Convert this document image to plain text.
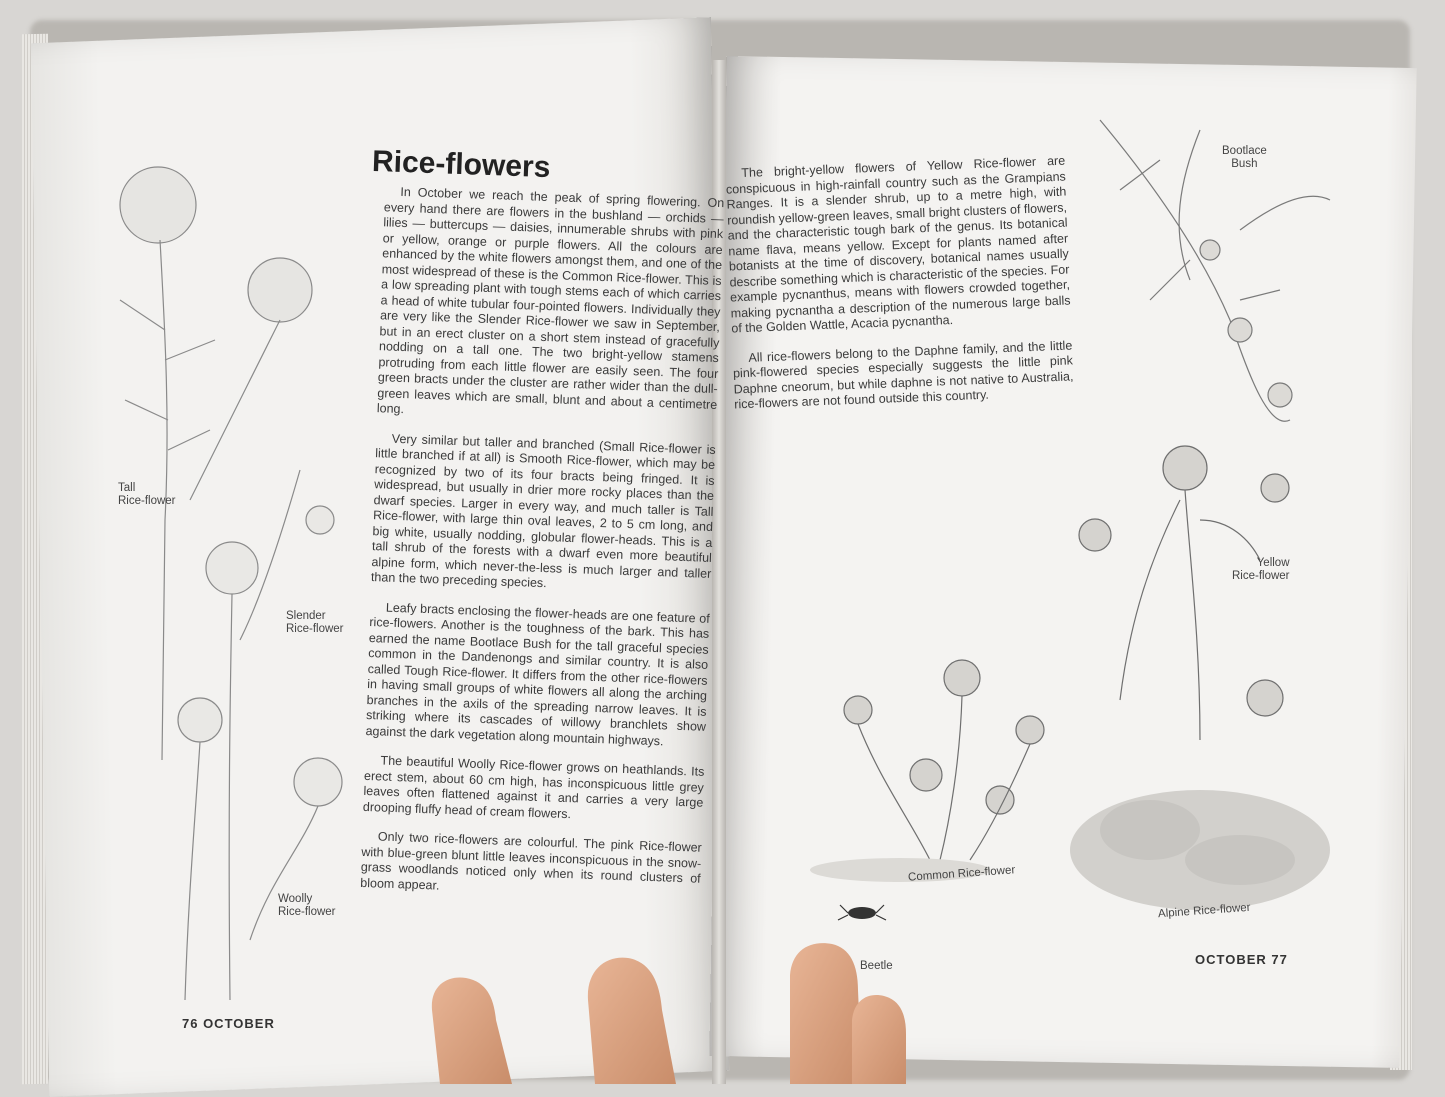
Rice-flowers

In October we reach the peak of spring flowering. On every hand there are flowers in the bushland — orchids — lilies — buttercups — daisies, innumerable shrubs with pink or yellow, orange or purple flowers. All the colours are enhanced by the white flowers amongst them, and one of the most widespread of these is the Common Rice-flower. This is a low spreading plant with tough stems each of which carries a head of white tubular four-pointed flowers. Individually they are very like the Slender Rice-flower we saw in September, but in an erect cluster on a short stem instead of gracefully nodding on a tall one. The two bright-yellow stamens protruding from each little flower are easily seen. The four green bracts under the cluster are rather wider than the dull-green leaves which are small, blunt and about a centimetre long.

Very similar but taller and branched (Small Rice-flower is little branched if at all) is Smooth Rice-flower, which may be recognized by two of its four bracts being fringed. It is widespread, but usually in drier more rocky places than the dwarf species. Larger in every way, and much taller is Tall Rice-flower, with large thin oval leaves, 2 to 5 cm long, and big white, usually nodding, globular flower-heads. This is a tall shrub of the forests with a dwarf even more beautiful alpine form, which never-the-less is much larger and taller than the two preceding species.

Leafy bracts enclosing the flower-heads are one feature of rice-flowers. Another is the toughness of the bark. This has earned the name Bootlace Bush for the tall graceful species common in the Dandenongs and similar country. It is also called Tough Rice-flower. It differs from the other rice-flowers in having small groups of white flowers all along the arching branches in the axils of the spreading narrow leaves. It is striking where its cascades of willowy branchlets show against the dark vegetation along mountain highways.

The beautiful Woolly Rice-flower grows on heathlands. Its erect stem, about 60 cm high, has inconspicuous little grey leaves often flattened against it and carries a very large drooping fluffy head of cream flowers.

Only two rice-flowers are colourful. The pink Rice-flower with blue-green blunt little leaves inconspicuous in the snow-grass woodlands noticed only when its round clusters of bloom appear.

Tall
Rice-flower
Slender
Rice-flower
Woolly
Rice-flower
76 OCTOBER

The bright-yellow flowers of Yellow Rice-flower are conspicuous in high-rainfall country such as the Grampians Ranges. It is a slender shrub, up to a metre high, with roundish yellow-green leaves, small bright clusters of flowers, and the characteristic tough bark of the genus. Its botanical name flava, means yellow. Except for plants named after botanists at the time of discovery, botanical names usually describe something which is characteristic of the species. For example pycnanthus, means with flowers crowded together, making pycnantha a description of the numerous large balls of the Golden Wattle, Acacia pycnantha.

All rice-flowers belong to the Daphne family, and the little pink-flowered species especially suggests the little pink Daphne cneorum, but while daphne is not native to Australia, rice-flowers are not found outside this country.

Bootlace
Bush
Yellow
Rice-flower
Common Rice-flower
Alpine Rice-flower
Beetle	OCTOBER 77
